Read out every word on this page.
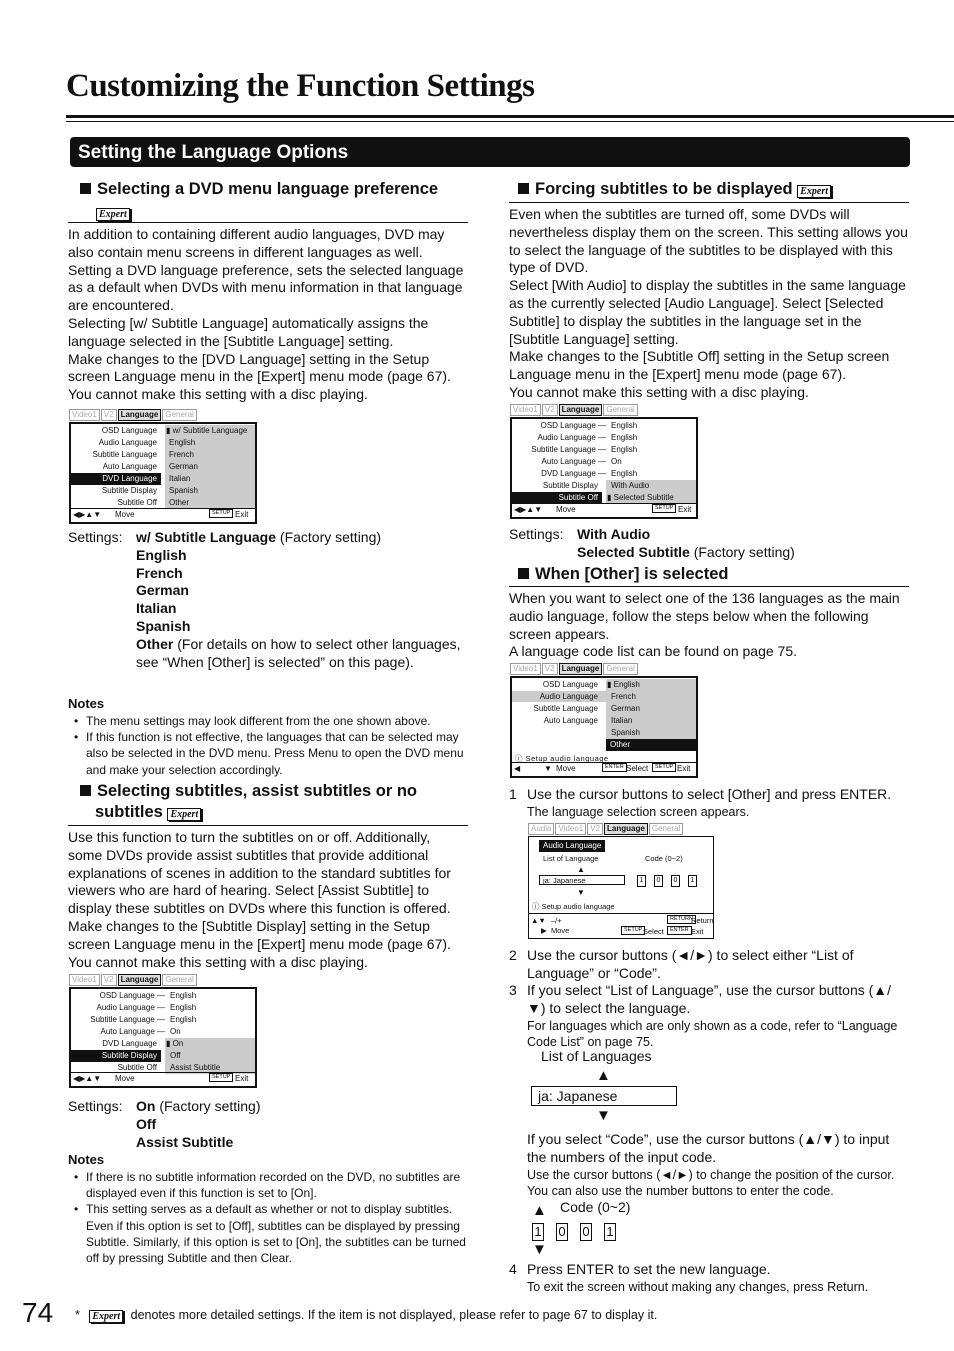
Customizing the Function Settings
Setting the Language Options
Selecting a DVD menu language preference
Expert

In addition to containing different audio languages, DVD may also contain menu screens in different languages as well. Setting a DVD language preference, sets the selected language as a default when DVDs with menu information in that language are encountered.

Selecting [w/ Subtitle Language] automatically assigns the language selected in the [Subtitle Language] setting.

Make changes to the [DVD Language] setting in the Setup screen Language menu in the [Expert] menu mode (page 67). You cannot make this setting with a disc playing.

Video1 V2 Language General
OSD Language ▮ w/ Subtitle Language
Audio Language English
Subtitle Language French
Auto Language German
DVD Language	Italian
Subtitle Display Spanish
Subtitle Off Other
◀▶▲▼ Move	SETUP Exit
Settings: w/ Subtitle Language (Factory setting)
English
French
German
Italian
Spanish
Other (For details on how to select other languages, see “When [Other] is selected” on this page).
Notes
• The menu settings may look different from the one shown above.
• If this function is not effective, the languages that can be selected may also be selected in the DVD menu. Press Menu to open the DVD menu and make your selection accordingly.
Selecting subtitles, assist subtitles or no
subtitles Expert

Use this function to turn the subtitles on or off. Additionally, some DVDs provide assist subtitles that provide additional explanations of scenes in addition to the standard subtitles for viewers who are hard of hearing. Select [Assist Subtitle] to display these subtitles on DVDs where this function is offered.

Make changes to the [Subtitle Display] setting in the Setup screen Language menu in the [Expert] menu mode (page 67). You cannot make this setting with a disc playing.

Video1 V2 Language General
OSD Language — English
Audio Language — English
Subtitle Language — English
Auto Language — On
DVD Language ▮ On
Subtitle Display	Off
Subtitle Off Assist Subtitle
◀▶▲▼ Move	SETUP Exit
Settings: On (Factory setting)
Off
Assist Subtitle
Notes
• If there is no subtitle information recorded on the DVD, no subtitles are displayed even if this function is set to [On].
• This setting serves as a default as whether or not to display subtitles. Even if this option is set to [Off], subtitles can be displayed by pressing Subtitle. Similarly, if this option is set to [On], the subtitles can be turned off by pressing Subtitle and then Clear.
Forcing subtitles to be displayed Expert

Even when the subtitles are turned off, some DVDs will nevertheless display them on the screen. This setting allows you to select the language of the subtitles to be displayed with this type of DVD.

Select [With Audio] to display the subtitles in the same language as the currently selected [Audio Language]. Select [Selected Subtitle] to display the subtitles in the language set in the [Subtitle Language] setting.

Make changes to the [Subtitle Off] setting in the Setup screen Language menu in the [Expert] menu mode (page 67).

You cannot make this setting with a disc playing.

Video1 V2 Language General
OSD Language — English
Audio Language — English
Subtitle Language — English
Auto Language — On
DVD Language — English
Subtitle Display With Audio
Subtitle Off	▮ Selected Subtitle
◀▶▲▼ Move	SETUP Exit
Settings: With Audio
Selected Subtitle (Factory setting)
When [Other] is selected

When you want to select one of the 136 languages as the main audio language, follow the steps below when the following screen appears.

A language code list can be found on page 75.

Video1 V2 Language General
OSD Language ▮ English
Audio Language French
Subtitle Language German
Auto Language Italian
Spanish
Other
ⓘ Setup audio language
◀	▼ Move	ENTER Select	SETUP Exit
1 Use the cursor buttons to select [Other] and press ENTER.
The language selection screen appears.
Audio Video1 V2 Language General
Audio Language
List of Language	Code (0~2)
▲
ja: Japanese	1	0	0	1
▼
ⓘ Setup audio language
▲▼ –/+	RETURN
Return
▶ Move	SETUP Select	ENTER Exit
2 Use the cursor buttons (◄/►) to select either “List of Language” or “Code”.
3 If you select “List of Language”, use the cursor buttons (▲/▼) to select the language.
For languages which are only shown as a code, refer to “Language Code List” on page 75.
List of Languages
▲
ja: Japanese
▼
If you select “Code”, use the cursor buttons (▲/▼) to input the numbers of the input code.
Use the cursor buttons (◄/►) to change the position of the cursor. You can also use the number buttons to enter the code.
▲ Code (0~2)
1 0 0 1
▼
4 Press ENTER to set the new language.
To exit the screen without making any changes, press Return.
74 * Expert denotes more detailed settings. If the item is not displayed, please refer to page 67 to display it.
